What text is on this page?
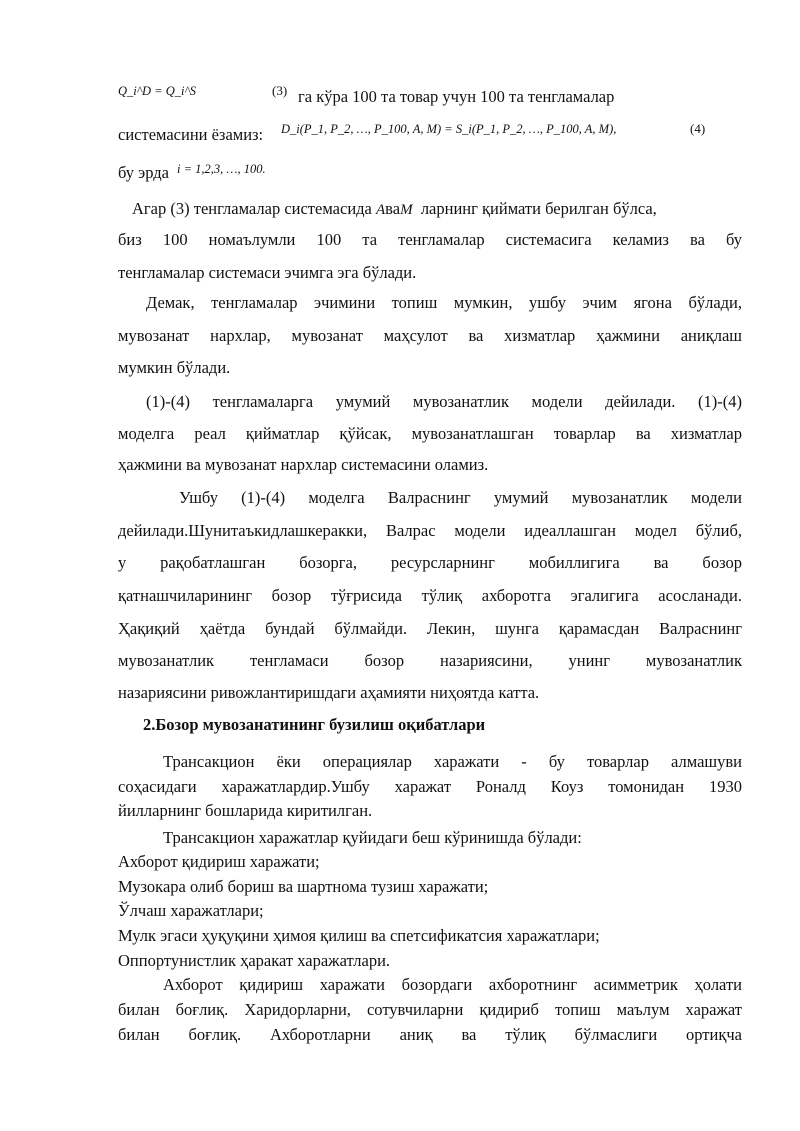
Q_i^D = Q_i^S	(3) га кўра 100 та товар учун 100 та тенгламалар
системасини ёзамиз: D_i(P_1, P_2, …, P_100, A, M) = S_i(P_1, P_2, …, P_100, A, M),	(4)
бу эрда i = 1,2,3, …, 100.
Агар (3) тенгламалар системасида AваM ларнинг қиймати берилган бўлса,
биз 100 номаълумли 100 та тенгламалар системасига келамиз ва бу
тенгламалар системаси эчимга эга бўлади.
Демак, тенгламалар эчимини топиш мумкин, ушбу эчим ягона бўлади,
мувозанат нархлар, мувозанат маҳсулот ва хизматлар ҳажмини аниқлаш
мумкин бўлади.
(1)-(4) тенгламаларга умумий мувозанатлик модели дейилади. (1)-(4)
моделга реал қийматлар қўйсак, мувозанатлашган товарлар ва хизматлар
ҳажмини ва мувозанат нархлар системасини оламиз.
Ушбу (1)-(4) моделга Валраснинг умумий мувозанатлик модели
дейилади.Шунитаъкидлашкеракки, Валрас модели идеаллашган модел бўлиб,
у рақобатлашган бозорга, ресурсларнинг мобиллигига ва бозор
қатнашчиларининг бозор тўғрисида тўлиқ ахборотга эгалигига асосланади.
Ҳақиқий ҳаётда бундай бўлмайди. Лекин, шунга қарамасдан Валраснинг
мувозанатлик тенгламаси бозор назариясини, унинг мувозанатлик
назариясини ривожлантиришдаги аҳамияти ниҳоятда катта.
2.Бозор мувозанатининг бузилиш оқибатлари
Трансакцион ёки операциялар харажати - бу товарлар алмашуви
соҳасидаги харажатлардир.Ушбу харажат Роналд Коуз томонидан 1930
йилларнинг бошларида киритилган.
Трансакцион харажатлар қуйидаги беш кўринишда бўлади:
Ахборот қидириш харажати;
Музокара олиб бориш ва шартнома тузиш харажати;
Ўлчаш харажатлари;
Мулк эгаси ҳуқуқини ҳимоя қилиш ва спетсификатсия харажатлари;
Оппортунистлик ҳаракат харажатлари.
Ахборот қидириш харажати бозордаги ахборотнинг асимметрик ҳолати
билан боғлиқ. Харидорларни, сотувчиларни қидириб топиш маълум харажат
билан боғлиқ. Ахборотларни аниқ ва тўлиқ бўлмаслиги ортиқча
